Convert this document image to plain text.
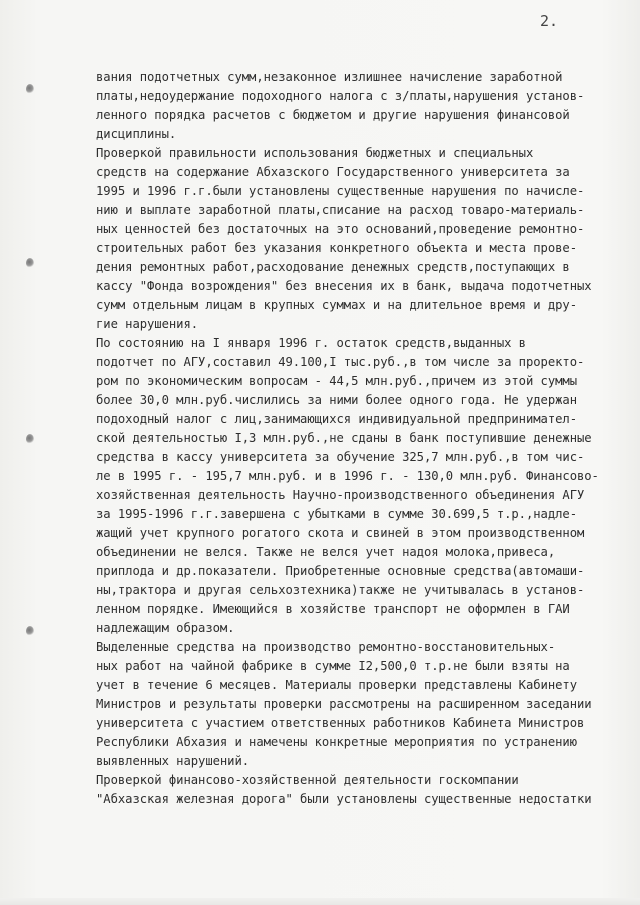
2.
вания подотчетных сумм,незаконное излишнее начисление заработной
платы,недоудержание подоходного налога с з/платы,нарушения установ-
ленного порядка расчетов с бюджетом и другие нарушения финансовой
дисциплины.
Проверкой правильности использования бюджетных и специальных
средств на содержание Абхазского Государственного университета за
1995 и 1996 г.г.были установлены существенные нарушения по начисле-
нию и выплате заработной платы,списание на расход товаро-материаль-
ных ценностей без достаточных на это оснований,проведение ремонтно-
строительных работ без указания конкретного объекта и места прове-
дения ремонтных работ,расходование денежных средств,поступающих в
кассу "Фонда возрождения" без внесения их в банк, выдача подотчетных
сумм отдельным лицам в крупных суммах и на длительное время и дру-
гие нарушения.
По состоянию на I января 1996 г. остаток средств,выданных в
подотчет по АГУ,составил 49.100,I тыс.руб.,в том числе за проректо-
ром по экономическим вопросам - 44,5 млн.руб.,причем из этой суммы
более 30,0 млн.руб.числились за ними более одного года. Не удержан
подоходный налог с лиц,занимающихся индивидуальной предпринимател-
ской деятельностью I,3 млн.руб.,не сданы в банк поступившие денежные
средства в кассу университета за обучение 325,7 млн.руб.,в том чис-
ле в 1995 г. - 195,7 млн.руб. и в 1996 г. - 130,0 млн.руб. Финансово-
хозяйственная деятельность Научно-производственного объединения АГУ
за 1995-1996 г.г.завершена с убытками в сумме 30.699,5 т.р.,надле-
жащий учет крупного рогатого скота и свиней в этом производственном
объединении не велся. Также не велся учет надоя молока,привеса,
приплода и др.показатели. Приобретенные основные средства(автомаши-
ны,трактора и другая сельхозтехника)также не учитывалась в установ-
ленном порядке. Имеющийся в хозяйстве транспорт не оформлен в ГАИ
надлежащим образом.
Выделенные средства на производство ремонтно-восстановительных-
ных работ на чайной фабрике в сумме I2,500,0 т.р.не были взяты на
учет в течение 6 месяцев. Материалы проверки представлены Кабинету
Министров и результаты проверки рассмотрены на расширенном заседании
университета с участием ответственных работников Кабинета Министров
Республики Абхазия и намечены конкретные мероприятия по устранению
выявленных нарушений.
Проверкой финансово-хозяйственной деятельности госкомпании
"Абхазская железная дорога" были установлены существенные недостатки
